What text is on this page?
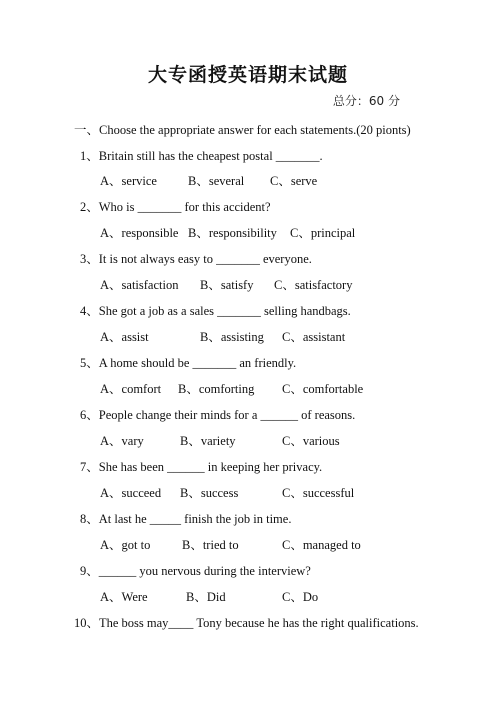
大专函授英语期末试题
总分：60 分
一、Choose the appropriate answer for each statements.(20 pionts)
1、Britain still has the cheapest postal _______.
A、service B、several C、serve
2、Who is _______ for this accident?
A、responsible B、responsibility C、principal
3、It is not always easy to _______ everyone.
A、satisfaction B、satisfy C、satisfactory
4、She got a job as a sales _______ selling handbags.
A、assist	B、assisting C、assistant
5、A home should be _______ an friendly.
A、comfort B、comforting C、comfortable
6、People change their minds for a ______ of reasons.
A、vary	B、variety	C、various
7、She has been ______ in keeping her privacy.
A、succeed B、success	C、successful
8、At last he _____ finish the job in time.
A、got to	B、tried to	C、managed to
9、______ you nervous during the interview?
A、Were	B、Did	C、Do
10、The boss may____ Tony because he has the right qualifications.
